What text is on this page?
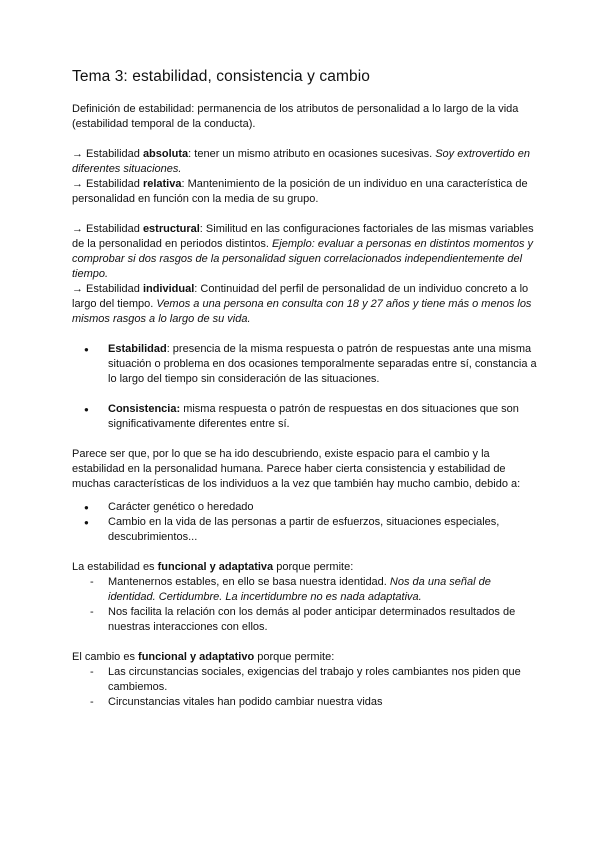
Tema 3: estabilidad, consistencia y cambio

Definición de estabilidad: permanencia de los atributos de personalidad a lo largo de la vida (estabilidad temporal de la conducta).

→ Estabilidad absoluta: tener un mismo atributo en ocasiones sucesivas. Soy extrovertido en diferentes situaciones.

→ Estabilidad relativa: Mantenimiento de la posición de un individuo en una característica de personalidad en función con la media de su grupo.

→ Estabilidad estructural: Similitud en las configuraciones factoriales de las mismas variables de la personalidad en periodos distintos. Ejemplo: evaluar a personas en distintos momentos y comprobar si dos rasgos de la personalidad siguen correlacionados independientemente del tiempo.

→ Estabilidad individual: Continuidad del perfil de personalidad de un individuo concreto a lo largo del tiempo. Vemos a una persona en consulta con 18 y 27 años y tiene más o menos los mismos rasgos a lo largo de su vida.

● Estabilidad: presencia de la misma respuesta o patrón de respuestas ante una misma situación o problema en dos ocasiones temporalmente separadas entre sí, constancia a lo largo del tiempo sin consideración de las situaciones.
● Consistencia: misma respuesta o patrón de respuestas en dos situaciones que son significativamente diferentes entre sí.

Parece ser que, por lo que se ha ido descubriendo, existe espacio para el cambio y la estabilidad en la personalidad humana. Parece haber cierta consistencia y estabilidad de muchas características de los individuos a la vez que también hay mucho cambio, debido a:

● Carácter genético o heredado
● Cambio en la vida de las personas a partir de esfuerzos, situaciones especiales, descubrimientos...

La estabilidad es funcional y adaptativa porque permite:

- Mantenernos estables, en ello se basa nuestra identidad. Nos da una señal de identidad. Certidumbre. La incertidumbre no es nada adaptativa.
- Nos facilita la relación con los demás al poder anticipar determinados resultados de nuestras interacciones con ellos.

El cambio es funcional y adaptativo porque permite:

- Las circunstancias sociales, exigencias del trabajo y roles cambiantes nos piden que cambiemos.
- Circunstancias vitales han podido cambiar nuestra vidas
